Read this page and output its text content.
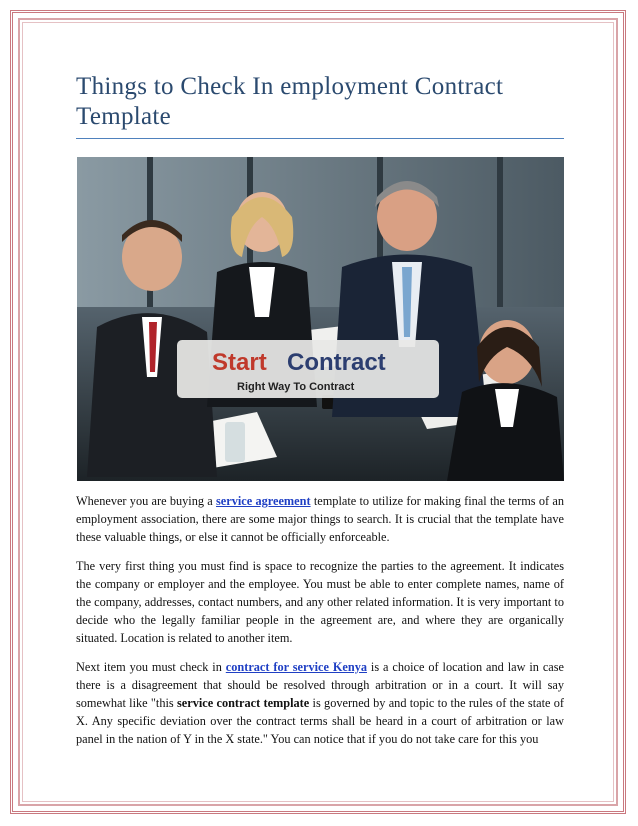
Things to Check In employment Contract Template
Start Contract
Right Way To Contract

Whenever you are buying a service agreement template to utilize for making final the terms of an employment association, there are some major things to search. It is crucial that the template have these valuable things, or else it cannot be officially enforceable.

The very first thing you must find is space to recognize the parties to the agreement. It indicates the company or employer and the employee. You must be able to enter complete names, name of the company, addresses, contact numbers, and any other related information. It is very important to decide who the legally familiar people in the agreement are, and where they are organically situated. Location is related to another item.

Next item you must check in contract for service Kenya is a choice of location and law in case there is a disagreement that should be resolved through arbitration or in a court. It will say somewhat like "this service contract template is governed by and topic to the rules of the state of X. Any specific deviation over the contract terms shall be heard in a court of arbitration or law panel in the nation of Y in the X state." You can notice that if you do not take care for this you
